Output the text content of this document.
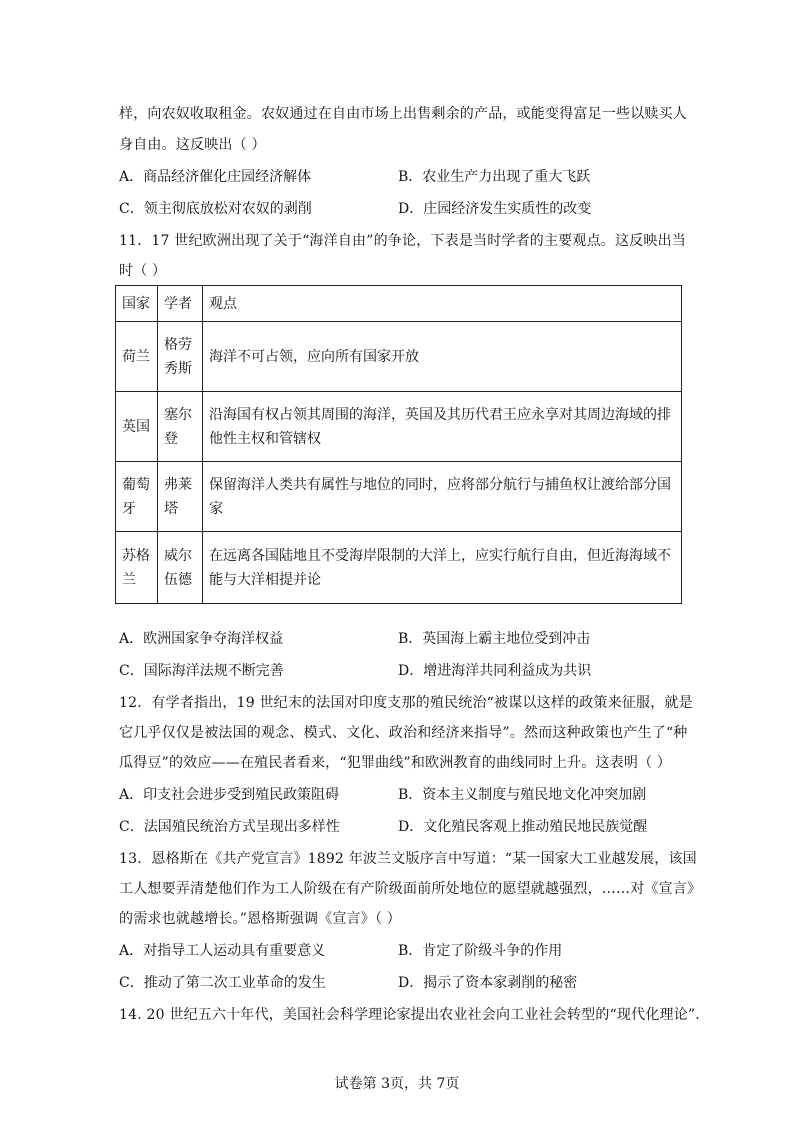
样，向农奴收取租金。农奴通过在自由市场上出售剩余的产品，或能变得富足一些以赎买人
身自由。这反映出（ ）
A．商品经济催化庄园经济解体	B．农业生产力出现了重大飞跃
C．领主彻底放松对农奴的剥削	D．庄园经济发生实质性的改变
11．17 世纪欧洲出现了关于“海洋自由”的争论，下表是当时学者的主要观点。这反映出当
时（ ）
国家	学者	观点
荷兰	格劳秀斯	海洋不可占领，应向所有国家开放
英国	塞尔登	沿海国有权占领其周围的海洋，英国及其历代君王应永享对其周边海域的排他性主权和管辖权
葡萄牙	弗莱塔	保留海洋人类共有属性与地位的同时，应将部分航行与捕鱼权让渡给部分国家
苏格兰	威尔伍德	在远离各国陆地且不受海岸限制的大洋上，应实行航行自由，但近海海域不能与大洋相提并论
A．欧洲国家争夺海洋权益	B．英国海上霸主地位受到冲击
C．国际海洋法规不断完善	D．增进海洋共同利益成为共识
12．有学者指出，19 世纪末的法国对印度支那的殖民统治“被谋以这样的政策来征服，就是
它几乎仅仅是被法国的观念、模式、文化、政治和经济来指导”。然而这种政策也产生了“种
瓜得豆”的效应——在殖民者看来，“犯罪曲线”和欧洲教育的曲线同时上升。这表明（ ）
A．印支社会进步受到殖民政策阻碍	B．资本主义制度与殖民地文化冲突加剧
C．法国殖民统治方式呈现出多样性	D．文化殖民客观上推动殖民地民族觉醒
13．恩格斯在《共产党宣言》1892 年波兰文版序言中写道：“某一国家大工业越发展，该国
工人想要弄清楚他们作为工人阶级在有产阶级面前所处地位的愿望就越强烈，……对《宣言》
的需求也就越增长。”恩格斯强调《宣言》（ ）
A．对指导工人运动具有重要意义	B．肯定了阶级斗争的作用
C．推动了第二次工业革命的发生	D．揭示了资本家剥削的秘密
14. 20 世纪五六十年代，美国社会科学理论家提出农业社会向工业社会转型的“现代化理论”.
试卷第 3页，共 7页
